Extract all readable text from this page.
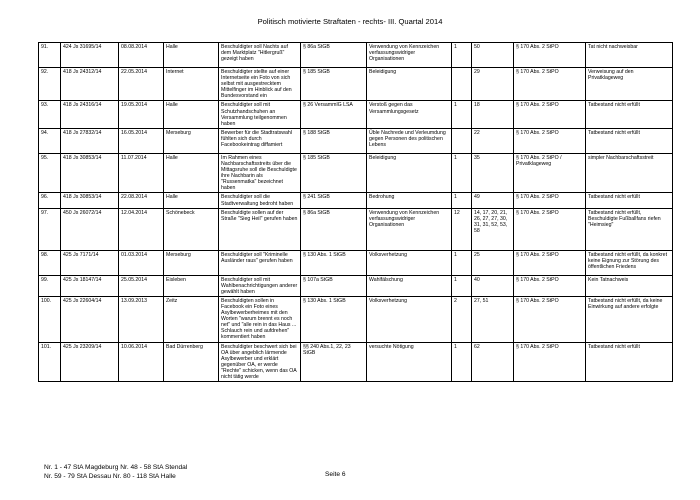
Politisch motivierte Straftaten - rechts- III. Quartal 2014
91.	424 Js 31695/14	08.08.2014	Halle	Beschuldigter soll Nachts auf dem Marktplatz "Hitlergruß" gezeigt haben	§ 86a StGB	Verwendung von Kennzeichen verfassungswidriger Organisationen	1	50	§ 170 Abs. 2 StPO	Tat nicht nachweisbar
92.	418 Js 24312/14	22.05.2014	Internet	Beschuldigter stellte auf einer Internetseite ein Foto von sich selbst mit ausgestrecktem Mittelfinger im Hinblick auf den Bundesvorstand ein	§ 185 StGB	Beleidigung		29	§ 170 Abs. 2 StPO	Verweisung auf den Privatklageweg
93.	418 Js 24316/14	19.05.2014	Halle	Beschuldigter soll mit Schutzhandschuhen an Versammlung teilgenommen haben	§ 26 VersammlG LSA	Verstoß gegen das Versammlungsgesetz	1	18	§ 170 Abs. 2 StPO	Tatbestand nicht erfüllt
94.	418 Js 27832/14	16.05.2014	Merseburg	Bewerber für die Stadtratswahl fühlten sich durch Facebookeintrag diffamiert	§ 188 StGB	Üble Nachrede und Verleumdung gegen Personen des politischen Lebens		22	§ 170 Abs. 2 StPO	Tatbestand nicht erfüllt
95.	418 Js 30853/14	11.07.2014	Halle	Im Rahmen eines Nachbarschaftsstreits über die Mittagsruhe soll die Beschuldigte ihre Nachbarin als "Russenmatka" bezeichnet haben	§ 185 StGB	Beleidigung	1	35	§ 170 Abs. 2 StPO / Privatklageweg	simpler Nachbarschaftsstreit
96.	418 Js 30853/14	22.08.2014	Halle	Beschuldigter soll die Stadtverwaltung bedroht haben	§ 241 StGB	Bedrohung	1	49	§ 170 Abs. 2 StPO	Tatbestand nicht erfüllt
97.	450 Js 26072/14	12.04.2014	Schönebeck	Beschuldigte sollen auf der Straße "Sieg Heil" gerufen haben	§ 86a StGB	Verwendung von Kennzeichen verfassungswidriger Organisationen	12	14, 17, 20, 21, 26, 27, 27, 30, 31, 31, 52, 53, 58	§ 170 Abs. 2 StPO	Tatbestand nicht erfüllt, Beschuldigte Fußballfans riefen "Heimsieg"
98.	425 Js 7171/14	01.03.2014	Merseburg	Beschuldigter soll "Kriminelle Ausländer raus" gerufen haben	§ 130 Abs. 1 StGB	Volksverhetzung	1	25	§ 170 Abs. 2 StPO	Tatbestand nicht erfüllt, da konkret keine Eignung zur Störung des öffentlichen Friedens
99.	425 Js 18147/14	25.05.2014	Eisleben	Beschuldigter soll mit Wahlbenachrichtigungen anderer gewählt haben	§ 107a StGB	Wahlfälschung	1	40	§ 170 Abs. 2 StPO	Kein Tatnachweis
100.	425 Js 22604/14	13.09.2013	Zeitz	Beschuldigten sollen in Facebook ein Foto eines Asylbewerberheimes mit den Worten "warum brennt es noch net" und "alle rein in das Haus ... Schlauch rein und aufdrehen" kommentiert haben	§ 130 Abs. 1 StGB	Volksverhetzung	2	27, 51	§ 170 Abs. 2 StPO	Tatbestand nicht erfüllt, da keine Einwirkung auf andere erfolgte
101.	425 Js 23209/14	10.06.2014	Bad Dürrenberg	Beschuldigter beschwert sich bei OA über angeblich lärmende Asylbewerber und erklärt gegenüber OA, er werde "Rechte" schicken, wenn das OA nicht tätig werde	§§ 240 Abs.1, 22, 23 StGB	versuchte Nötigung	1	62	§ 170 Abs. 2 StPO	Tatbestand nicht erfüllt
Nr. 1 - 47 StA Magdeburg Nr. 48 - 58 StA Stendal
Nr. 59 - 79 StA Dessau Nr. 80 - 118 StA Halle	Seite 6
